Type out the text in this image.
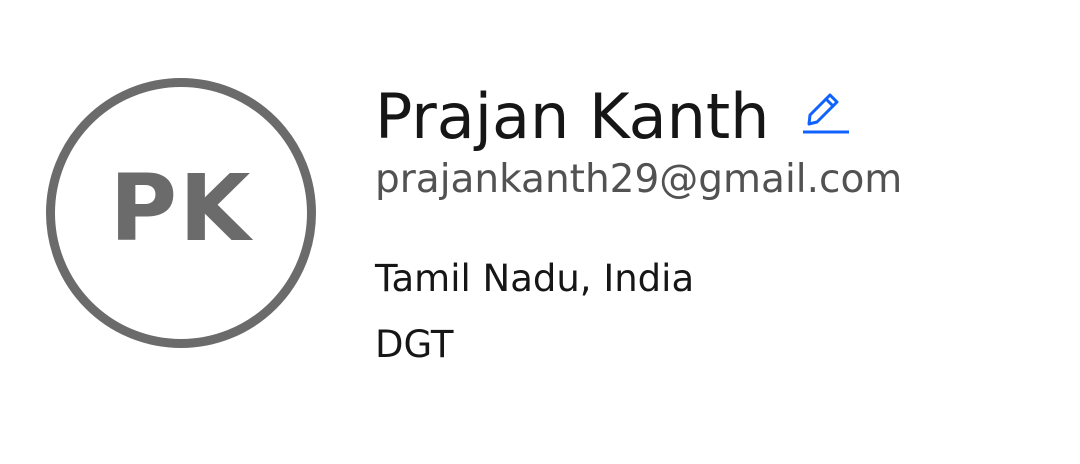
PK
Prajan Kanth
prajankanth29@gmail.com
Tamil Nadu, India
DGT
